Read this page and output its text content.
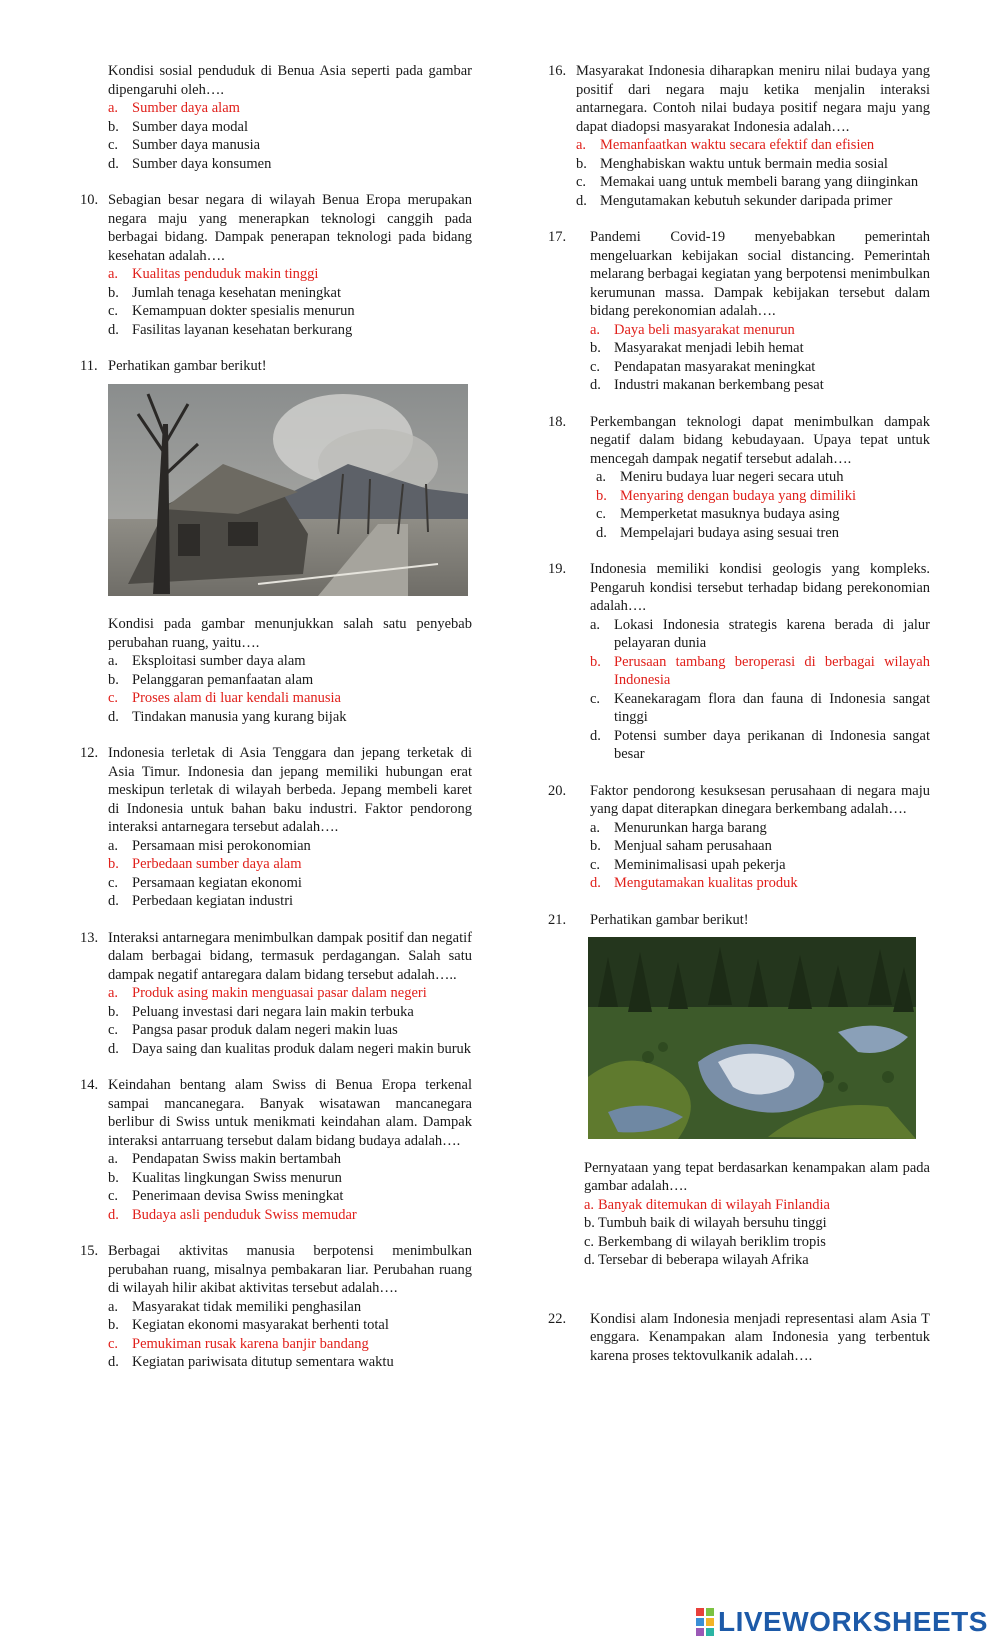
Kondisi sosial penduduk di Benua Asia seperti pada gambar dipengaruhi oleh….
a. Sumber daya alam
b. Sumber daya modal
c. Sumber daya manusia
d. Sumber daya konsumen
10. Sebagian besar negara di wilayah Benua Eropa merupakan negara maju yang menerapkan teknologi canggih pada berbagai bidang. Dampak penerapan teknologi pada bidang kesehatan adalah….
a. Kualitas penduduk makin tinggi
b. Jumlah tenaga kesehatan meningkat
c. Kemampuan dokter spesialis menurun
d. Fasilitas layanan kesehatan berkurang
11. Perhatikan gambar berikut!
Kondisi pada gambar menunjukkan salah satu penyebab perubahan ruang, yaitu….
a. Eksploitasi sumber daya alam
b. Pelanggaran pemanfaatan alam
c. Proses alam di luar kendali manusia
d. Tindakan manusia yang kurang bijak
12. Indonesia terletak di Asia Tenggara dan jepang terketak di Asia Timur. Indonesia dan jepang memiliki hubungan erat meskipun terletak di wilayah berbeda. Jepang membeli karet di Indonesia untuk bahan baku industri. Faktor pendorong interaksi antarnegara tersebut adalah….
a. Persamaan misi perokonomian
b. Perbedaan sumber daya alam
c. Persamaan kegiatan ekonomi
d. Perbedaan kegiatan industri
13. Interaksi antarnegara menimbulkan dampak positif dan negatif dalam berbagai bidang, termasuk perdagangan. Salah satu dampak negatif antaregara dalam bidang tersebut adalah…..
a. Produk asing makin menguasai pasar dalam negeri
b. Peluang investasi dari negara lain makin terbuka
c. Pangsa pasar produk dalam negeri makin luas
d. Daya saing dan kualitas produk dalam negeri makin buruk
14. Keindahan bentang alam Swiss di Benua Eropa terkenal sampai mancanegara. Banyak wisatawan mancanegara berlibur di Swiss untuk menikmati keindahan alam. Dampak interaksi antarruang tersebut dalam bidang budaya adalah….
a. Pendapatan Swiss makin bertambah
b. Kualitas lingkungan Swiss menurun
c. Penerimaan devisa Swiss meningkat
d. Budaya asli penduduk Swiss memudar
15. Berbagai aktivitas manusia berpotensi menimbulkan perubahan ruang, misalnya pembakaran liar. Perubahan ruang di wilayah hilir akibat aktivitas tersebut adalah….
a. Masyarakat tidak memiliki penghasilan
b. Kegiatan ekonomi masyarakat berhenti total
c. Pemukiman rusak karena banjir bandang
d. Kegiatan pariwisata ditutup sementara waktu
16. Masyarakat Indonesia diharapkan meniru nilai budaya yang positif dari negara maju ketika menjalin interaksi antarnegara. Contoh nilai budaya positif negara maju yang dapat diadopsi masyarakat Indonesia adalah….
a. Memanfaatkan waktu secara efektif dan efisien
b. Menghabiskan waktu untuk bermain media sosial
c. Memakai uang untuk membeli barang yang diinginkan
d. Mengutamakan kebutuh sekunder daripada primer
17.	Pandemi Covid-19 menyebabkan pemerintah mengeluarkan kebijakan social distancing. Pemerintah melarang berbagai kegiatan yang berpotensi menimbulkan kerumunan massa. Dampak kebijakan tersebut dalam bidang perekonomian adalah….
a. Daya beli masyarakat menurun
b. Masyarakat menjadi lebih hemat
c. Pendapatan masyarakat meningkat
d. Industri makanan berkembang pesat
18.	Perkembangan teknologi dapat menimbulkan dampak negatif dalam bidang kebudayaan. Upaya tepat untuk mencegah dampak negatif tersebut adalah….
a. Meniru budaya luar negeri secara utuh
b. Menyaring dengan budaya yang dimiliki
c. Memperketat masuknya budaya asing
d. Mempelajari budaya asing sesuai tren
19.	Indonesia memiliki kondisi geologis yang kompleks. Pengaruh kondisi tersebut terhadap bidang perekonomian adalah….
a. Lokasi Indonesia strategis karena berada di jalur pelayaran dunia
b. Perusaan tambang beroperasi di berbagai wilayah Indonesia
c. Keanekaragam flora dan fauna di Indonesia sangat tinggi
d. Potensi sumber daya perikanan di Indonesia sangat besar
20.	Faktor pendorong kesuksesan perusahaan di negara maju yang dapat diterapkan dinegara berkembang adalah….
a. Menurunkan harga barang
b. Menjual saham perusahaan
c. Meminimalisasi upah pekerja
d. Mengutamakan kualitas produk
21.	Perhatikan gambar berikut!
Pernyataan yang tepat berdasarkan kenampakan alam pada gambar adalah….
a. Banyak ditemukan di wilayah Finlandia
b. Tumbuh baik di wilayah bersuhu tinggi
c. Berkembang di wilayah beriklim tropis
d. Tersebar di beberapa wilayah Afrika
22.	Kondisi alam Indonesia menjadi representasi alam Asia T enggara. Kenampakan alam Indonesia yang terbentuk karena proses tektovulkanik adalah….
LIVEWORKSHEETS
